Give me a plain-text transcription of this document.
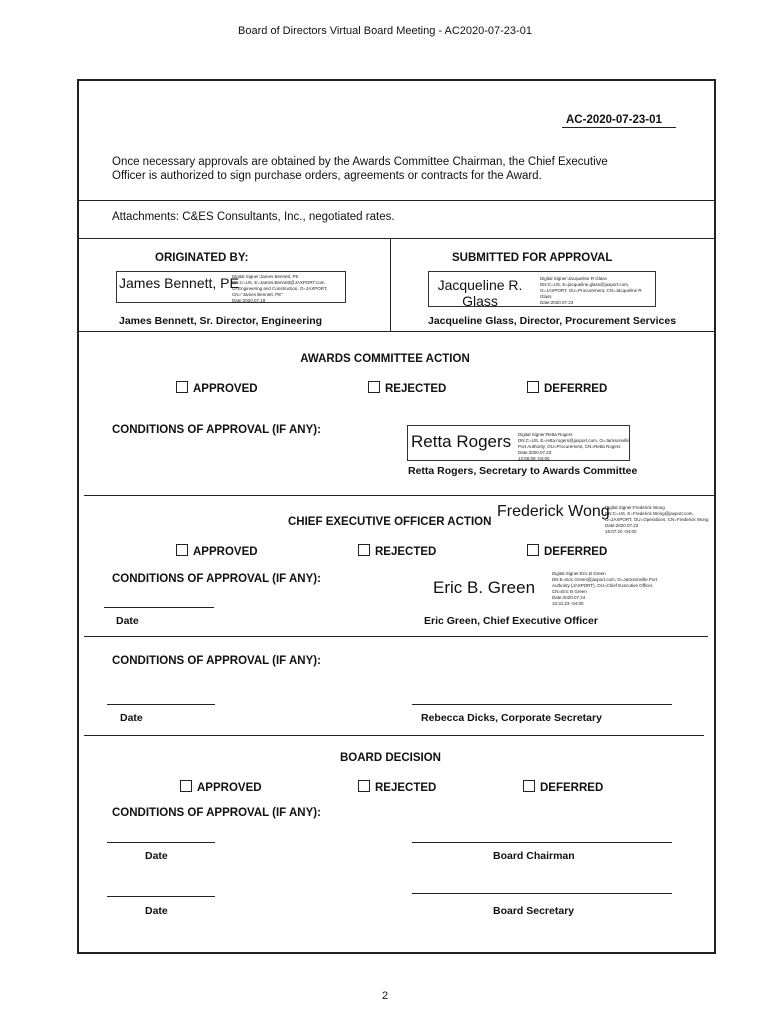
Board of Directors Virtual Board Meeting - AC2020-07-23-01
AC-2020-07-23-01
Once necessary approvals are obtained by the Awards Committee Chairman, the Chief Executive
Officer is authorized to sign purchase orders, agreements or contracts for the Award.
Attachments: C&ES Consultants, Inc., negotiated rates.
ORIGINATED BY:
James Bennett, PE
Digital Signer:James Bennett, PE
DN:C=US, E=James.Bennett@JAXPORT.com
O=Engineering and Construction, O=JAXPORT,
CN="James Bennett, PE"
Date:2020.07.18
James Bennett, Sr. Director, Engineering
SUBMITTED FOR APPROVAL
Jacqueline R.
Glass
Digital Signer:Jacqueline R Glass
DN:C=US, E=jacqueline.glass@jaxport.com,
O=JAXPORT, OU=Procurement, CN=Jacqueline R
Glass
Date:2020.07.23
Jacqueline Glass, Director, Procurement Services
AWARDS COMMITTEE ACTION
APPROVED	REJECTED	DEFERRED
CONDITIONS OF APPROVAL (IF ANY):
Retta Rogers Digital Signer:Retta Rogers
DN:C=US, E=retta.rogers@jaxport.com, O=Jacksonville
Port Authority, OU=Procurement, CN=Retta Rogers
Date:2020.07.23
13:55:09 -04:00
Retta Rogers, Secretary to Awards Committee
Frederick Wong
Digital Signer:Frederick Wong
DN:C=US, E=Frederick.Wong@jaxport.com,
O=JAXPORT, OU=Operations, CN=Frederick Wong
Date:2020.07.23
16:07:20 -04:00
CHIEF EXECUTIVE OFFICER ACTION
APPROVED	REJECTED	DEFERRED
CONDITIONS OF APPROVAL (IF ANY):	Eric B. Green
Digital Signer:Eric B Green
DN:E=Eric.Green@jaxport.com, O=Jacksonville Port
Authority (JAXPORT), OU=Chief Executive Officer,
CN=Eric B Green
Date:2020.07.24
10:31:23 -04:00
Date	Eric Green, Chief Executive Officer
CONDITIONS OF APPROVAL (IF ANY):
Date	Rebecca Dicks, Corporate Secretary
BOARD DECISION
APPROVED	REJECTED	DEFERRED
CONDITIONS OF APPROVAL (IF ANY):
Date	Board Chairman
Date	Board Secretary
2
